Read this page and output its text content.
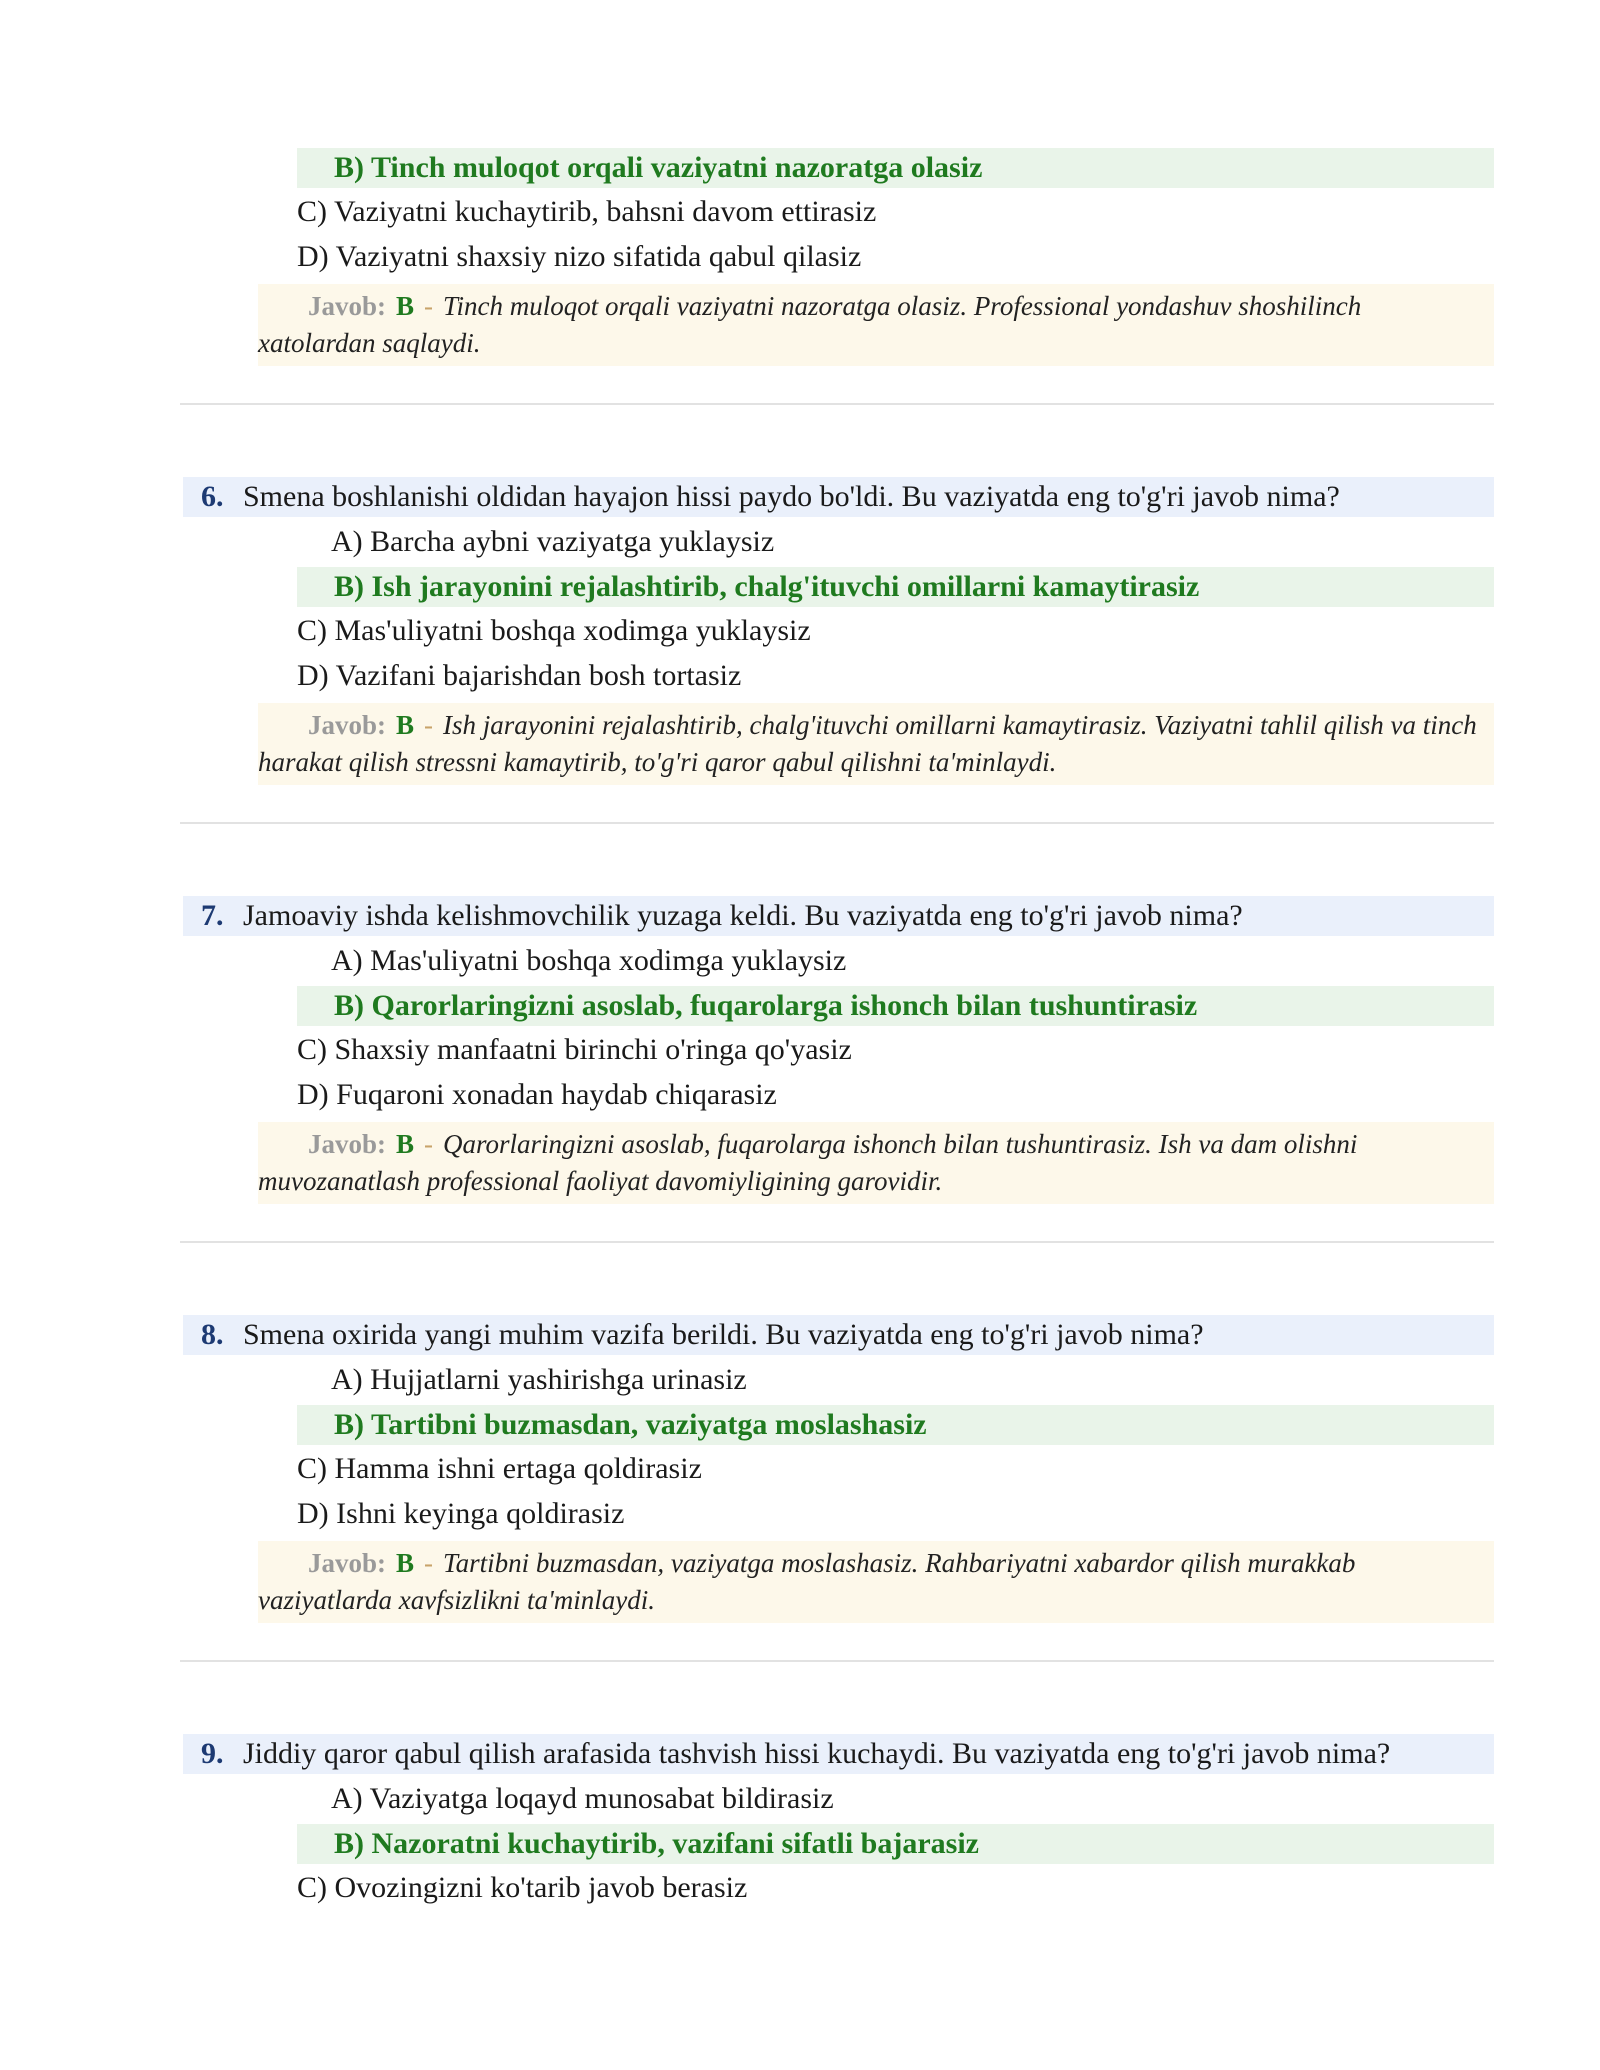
B) Tinch muloqot orqali vaziyatni nazoratga olasiz
C) Vaziyatni kuchaytirib, bahsni davom ettirasiz
D) Vaziyatni shaxsiy nizo sifatida qabul qilasiz
Javob: B - Tinch muloqot orqali vaziyatni nazoratga olasiz. Professional yondashuv shoshilinch xatolardan saqlaydi.
6. Smena boshlanishi oldidan hayajon hissi paydo bo'ldi. Bu vaziyatda eng to'g'ri javob nima?
A) Barcha aybni vaziyatga yuklaysiz
B) Ish jarayonini rejalashtirib, chalg'ituvchi omillarni kamaytirasiz
C) Mas'uliyatni boshqa xodimga yuklaysiz
D) Vazifani bajarishdan bosh tortasiz
Javob: B - Ish jarayonini rejalashtirib, chalg'ituvchi omillarni kamaytirasiz. Vaziyatni tahlil qilish va tinch harakat qilish stressni kamaytirib, to'g'ri qaror qabul qilishni ta'minlaydi.
7. Jamoaviy ishda kelishmovchilik yuzaga keldi. Bu vaziyatda eng to'g'ri javob nima?
A) Mas'uliyatni boshqa xodimga yuklaysiz
B) Qarorlaringizni asoslab, fuqarolarga ishonch bilan tushuntirasiz
C) Shaxsiy manfaatni birinchi o'ringa qo'yasiz
D) Fuqaroni xonadan haydab chiqarasiz
Javob: B - Qarorlaringizni asoslab, fuqarolarga ishonch bilan tushuntirasiz. Ish va dam olishni muvozanatlash professional faoliyat davomiyligining garovidir.
8. Smena oxirida yangi muhim vazifa berildi. Bu vaziyatda eng to'g'ri javob nima?
A) Hujjatlarni yashirishga urinasiz
B) Tartibni buzmasdan, vaziyatga moslashasiz
C) Hamma ishni ertaga qoldirasiz
D) Ishni keyinga qoldirasiz
Javob: B - Tartibni buzmasdan, vaziyatga moslashasiz. Rahbariyatni xabardor qilish murakkab vaziyatlarda xavfsizlikni ta'minlaydi.
9. Jiddiy qaror qabul qilish arafasida tashvish hissi kuchaydi. Bu vaziyatda eng to'g'ri javob nima?
A) Vaziyatga loqayd munosabat bildirasiz
B) Nazoratni kuchaytirib, vazifani sifatli bajarasiz
C) Ovozingizni ko'tarib javob berasiz
